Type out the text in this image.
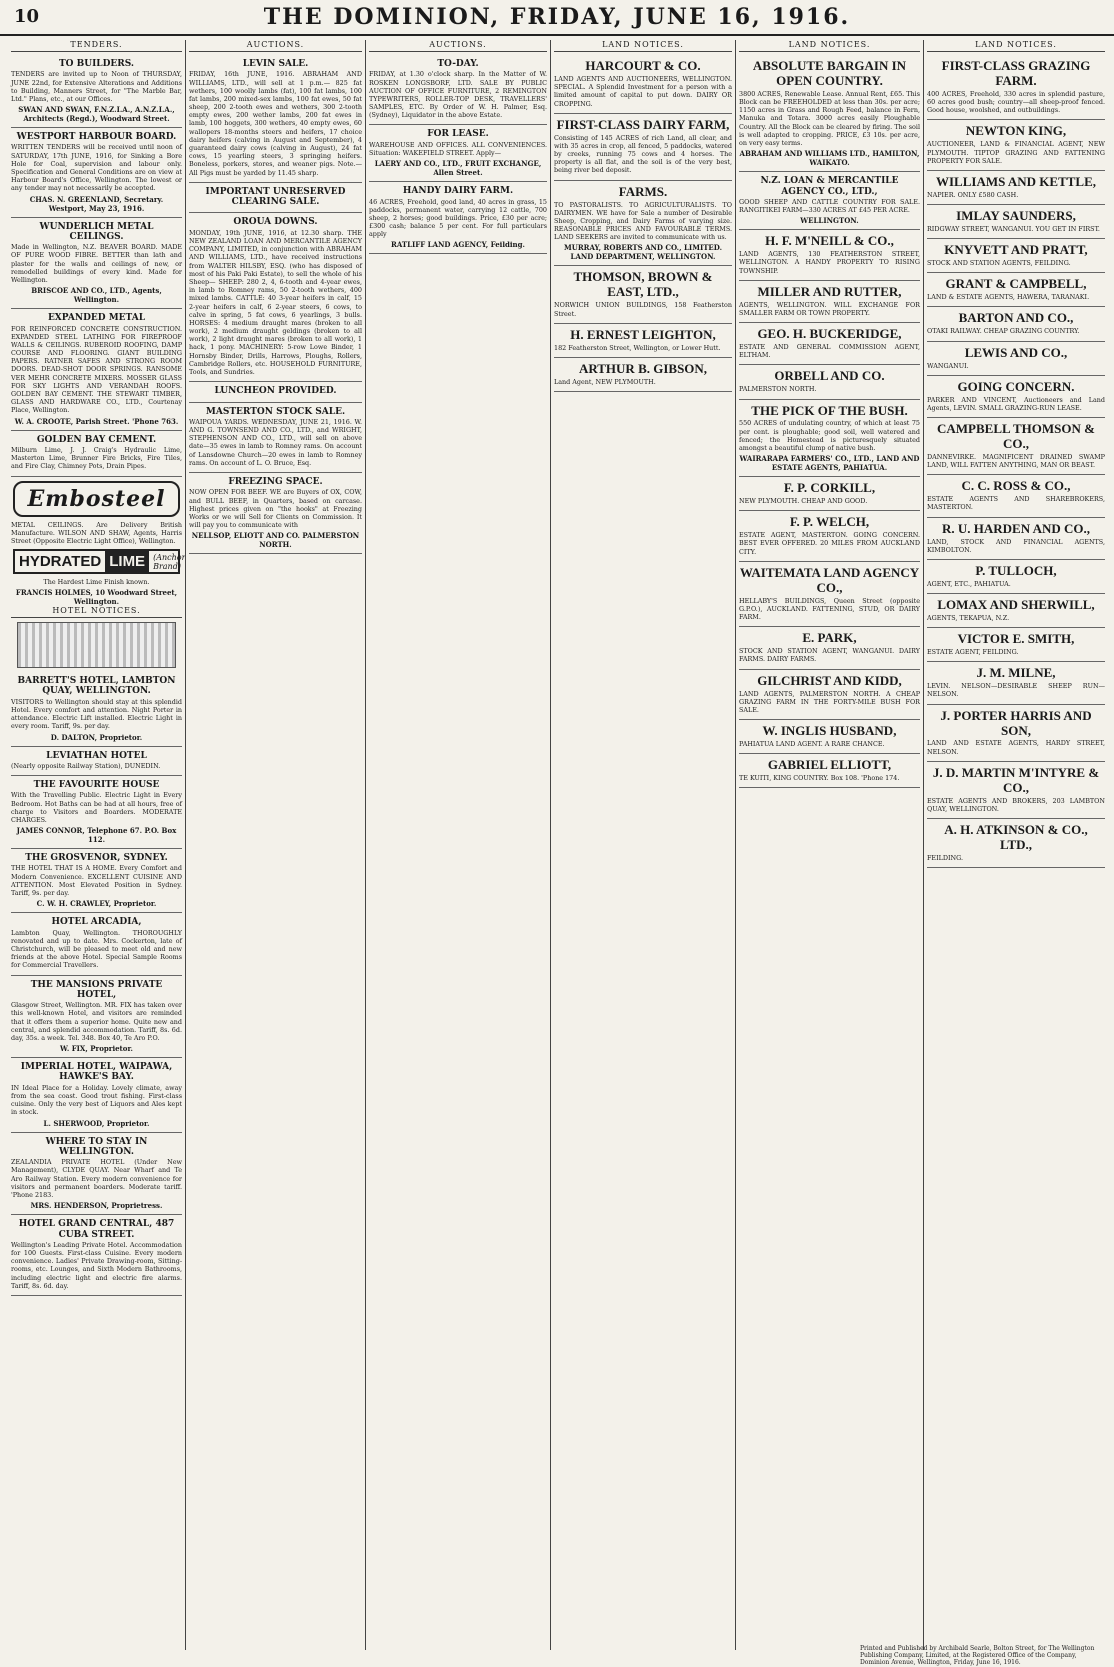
10	THE DOMINION, FRIDAY, JUNE 16, 1916.
TENDERS.
TO BUILDERS.
TENDERS are invited up to Noon of THURSDAY, JUNE 22nd, for Extensive Alterations and Additions to Building, Manners Street, for "The Marble Bar, Ltd." Plans, etc., at our Offices.
SWAN AND SWAN, F.N.Z.I.A., A.N.Z.I.A., Architects (Regd.), Woodward Street.
WESTPORT HARBOUR BOARD.
WRITTEN TENDERS will be received until noon of SATURDAY, 17th JUNE, 1916, for Sinking a Bore Hole for Coal, supervision and labour only. Specification and General Conditions are on view at Harbour Board's Office, Wellington. The lowest or any tender may not necessarily be accepted.
CHAS. N. GREENLAND, Secretary. Westport, May 23, 1916.
WUNDERLICH METAL CEILINGS.
Made in Wellington, N.Z. BEAVER BOARD. MADE OF PURE WOOD FIBRE. BETTER than lath and plaster for the walls and ceilings of new, or remodelled buildings of every kind. Made for Wellington.
BRISCOE AND CO., LTD., Agents, Wellington.
EXPANDED METAL
FOR REINFORCED CONCRETE CONSTRUCTION. EXPANDED STEEL LATHING FOR FIREPROOF WALLS & CEILINGS. RUBEROID ROOFING, DAMP COURSE AND FLOORING. GIANT BUILDING PAPERS. RATNER SAFES AND STRONG ROOM DOORS. DEAD-SHOT DOOR SPRINGS. RANSOME VER MEHR CONCRETE MIXERS. MOSSER GLASS FOR SKY LIGHTS AND VERANDAH ROOFS. GOLDEN BAY CEMENT. THE STEWART TIMBER, GLASS AND HARDWARE CO., LTD., Courtenay Place, Wellington.
W. A. CROOTE, Parish Street. 'Phone 763.
GOLDEN BAY CEMENT.
Milburn Lime, J. J. Craig's Hydraulic Lime, Masterton Lime, Brunner Fire Bricks, Fire Tiles, and Fire Clay, Chimney Pots, Drain Pipes.
Embosteel
METAL CEILINGS. Are Delivery British Manufacture. WILSON AND SHAW, Agents, Harris Street (Opposite Electric Light Office), Wellington.
HYDRATED LIME	(Anchor Brand)
The Hardest Lime Finish known.
FRANCIS HOLMES, 10 Woodward Street, Wellington.
HOTEL NOTICES.
BARRETT'S HOTEL, LAMBTON QUAY, WELLINGTON.
VISITORS to Wellington should stay at this splendid Hotel. Every comfort and attention. Night Porter in attendance. Electric Lift installed. Electric Light in every room. Tariff, 9s. per day.
D. DALTON, Proprietor.
LEVIATHAN HOTEL
(Nearly opposite Railway Station), DUNEDIN.
THE FAVOURITE HOUSE
With the Travelling Public. Electric Light in Every Bedroom. Hot Baths can be had at all hours, free of charge to Visitors and Boarders. MODERATE CHARGES.
JAMES CONNOR, Telephone 67. P.O. Box 112.
THE GROSVENOR, SYDNEY.
THE HOTEL THAT IS A HOME. Every Comfort and Modern Convenience. EXCELLENT CUISINE AND ATTENTION. Most Elevated Position in Sydney. Tariff, 9s. per day.
C. W. H. CRAWLEY, Proprietor.
HOTEL ARCADIA,
Lambton Quay, Wellington. THOROUGHLY renovated and up to date. Mrs. Cockerton, late of Christchurch, will be pleased to meet old and new friends at the above Hotel. Special Sample Rooms for Commercial Travellers.
THE MANSIONS PRIVATE HOTEL,
Glasgow Street, Wellington. MR. FIX has taken over this well-known Hotel, and visitors are reminded that it offers them a superior home. Quite new and central, and splendid accommodation. Tariff, 8s. 6d. day, 35s. a week. Tel. 348. Box 40, Te Aro P.O.
W. FIX, Proprietor.
IMPERIAL HOTEL, WAIPAWA, HAWKE'S BAY.
IN Ideal Place for a Holiday. Lovely climate, away from the sea coast. Good trout fishing. First-class cuisine. Only the very best of Liquors and Ales kept in stock.
L. SHERWOOD, Proprietor.
WHERE TO STAY IN WELLINGTON.
ZEALANDIA PRIVATE HOTEL (Under New Management), CLYDE QUAY. Near Wharf and Te Aro Railway Station. Every modern convenience for visitors and permanent boarders. Moderate tariff. 'Phone 2183.
MRS. HENDERSON, Proprietress.
HOTEL GRAND CENTRAL, 487 CUBA STREET.
Wellington's Leading Private Hotel. Accommodation for 100 Guests. First-class Cuisine. Every modern convenience. Ladies' Private Drawing-room, Sitting-rooms, etc. Lounges, and Sixth Modern Bathrooms, including electric light and electric fire alarms. Tariff, 8s. 6d. day.
AUCTIONS.
LEVIN SALE.
FRIDAY, 16th JUNE, 1916. ABRAHAM AND WILLIAMS, LTD., will sell at 1 p.m.— 825 fat wethers, 100 woolly lambs (fat), 100 fat lambs, 100 fat lambs, 200 mixed-sex lambs, 100 fat ewes, 50 fat sheep, 200 2-tooth ewes and wethers, 300 2-tooth empty ewes, 200 wether lambs, 200 fat ewes in lamb, 100 hoggets, 300 wethers, 40 empty ewes, 60 wallopers 18-months steers and heifers, 17 choice dairy heifers (calving in August and September), 4 guaranteed dairy cows (calving in August), 24 fat cows, 15 yearling steers, 3 springing heifers. Boneless, porkers, stores, and weaner pigs. Note.—All Pigs must be yarded by 11.45 sharp.
IMPORTANT UNRESERVED CLEARING SALE.
OROUA DOWNS.
MONDAY, 19th JUNE, 1916, at 12.30 sharp. THE NEW ZEALAND LOAN AND MERCANTILE AGENCY COMPANY, LIMITED, in conjunction with ABRAHAM AND WILLIAMS, LTD., have received instructions from WALTER HILSBY, ESQ. (who has disposed of most of his Paki Paki Estate), to sell the whole of his Sheep— SHEEP: 280 2, 4, 6-tooth and 4-year ewes, in lamb to Romney rams, 50 2-tooth wethers, 400 mixed lambs. CATTLE: 40 3-year heifers in calf, 15 2-year heifers in calf, 6 2-year steers, 6 cows, to calve in spring, 5 fat cows, 6 yearlings, 3 bulls. HORSES: 4 medium draught mares (broken to all work), 2 medium draught geldings (broken to all work), 2 light draught mares (broken to all work), 1 hack, 1 pony. MACHINERY: 5-row Lowe Binder, 1 Hornsby Binder, Drills, Harrows, Ploughs, Rollers, Cambridge Rollers, etc. HOUSEHOLD FURNITURE, Tools, and Sundries.
LUNCHEON PROVIDED.
MASTERTON STOCK SALE.
WAIPOUA YARDS. WEDNESDAY, JUNE 21, 1916. W. AND G. TOWNSEND AND CO., LTD., and WRIGHT, STEPHENSON AND CO., LTD., will sell on above date—35 ewes in lamb to Romney rams. On account of Lansdowne Church—20 ewes in lamb to Romney rams. On account of L. O. Bruce, Esq.
FREEZING SPACE.
NOW OPEN FOR BEEF. WE are Buyers of OX, COW, and BULL BEEF, in Quarters, based on carcase. Highest prices given on "the hooks" at Freezing Works or we will Sell for Clients on Commission. It will pay you to communicate with
NELLSOP, ELIOTT AND CO. PALMERSTON NORTH.
AUCTIONS.
TO-DAY.
FRIDAY, at 1.30 o'clock sharp. In the Matter of W. ROSKEN LONGSBORF, LTD. SALE BY PUBLIC AUCTION OF OFFICE FURNITURE, 2 REMINGTON TYPEWRITERS, ROLLER-TOP DESK, TRAVELLERS' SAMPLES, ETC. By Order of W. H. Palmer, Esq. (Sydney), Liquidator in the above Estate.
FOR LEASE.
WAREHOUSE AND OFFICES. ALL CONVENIENCES. Situation: WAKEFIELD STREET. Apply—
LAERY AND CO., LTD., FRUIT EXCHANGE, Allen Street.
HANDY DAIRY FARM.
46 ACRES, Freehold, good land, 40 acres in grass, 15 paddocks, permanent water, carrying 12 cattle, 700 sheep, 2 horses; good buildings. Price, £30 per acre; £300 cash; balance 5 per cent. For full particulars apply
RATLIFF LAND AGENCY, Feilding.
LAND NOTICES.
HARCOURT & CO.
LAND AGENTS AND AUCTIONEERS, WELLINGTON. SPECIAL. A Splendid Investment for a person with a limited amount of capital to put down. DAIRY OR CROPPING.
FIRST-CLASS DAIRY FARM,
Consisting of 145 ACRES of rich Land, all clear, and with 35 acres in crop, all fenced, 5 paddocks, watered by creeks, running 75 cows and 4 horses. The property is all flat, and the soil is of the very best, being river bed deposit.
FARMS.
TO PASTORALISTS. TO AGRICULTURALISTS. TO DAIRYMEN. WE have for Sale a number of Desirable Sheep, Cropping, and Dairy Farms of varying size. REASONABLE PRICES AND FAVOURABLE TERMS. LAND SEEKERS are invited to communicate with us.
MURRAY, ROBERTS AND CO., LIMITED. LAND DEPARTMENT, WELLINGTON.
THOMSON, BROWN & EAST, LTD.,
NORWICH UNION BUILDINGS, 158 Featherston Street.
H. ERNEST LEIGHTON,
182 Featherston Street, Wellington, or Lower Hutt.
ARTHUR B. GIBSON,
Land Agent, NEW PLYMOUTH.
LAND NOTICES.
ABSOLUTE BARGAIN IN OPEN COUNTRY.
3800 ACRES, Renewable Lease. Annual Rent, £65. This Block can be FREEHOLDED at less than 30s. per acre; 1150 acres in Grass and Rough Feed, balance in Fern, Manuka and Totara. 3000 acres easily Ploughable Country. All the Block can be cleared by firing. The soil is well adapted to cropping. PRICE, £3 10s. per acre, on very easy terms.
ABRAHAM AND WILLIAMS LTD., HAMILTON, WAIKATO.
N.Z. LOAN & MERCANTILE AGENCY CO., LTD.,
GOOD SHEEP AND CATTLE COUNTRY FOR SALE. RANGITIKEI FARM—330 ACRES AT £45 PER ACRE.
WELLINGTON.
H. F. M'NEILL & CO.,
LAND AGENTS, 130 FEATHERSTON STREET, WELLINGTON. A HANDY PROPERTY TO RISING TOWNSHIP.
MILLER AND RUTTER,
AGENTS, WELLINGTON. WILL EXCHANGE FOR SMALLER FARM OR TOWN PROPERTY.
GEO. H. BUCKERIDGE,
ESTATE AND GENERAL COMMISSION AGENT, ELTHAM.
ORBELL AND CO.
PALMERSTON NORTH.
THE PICK OF THE BUSH.
550 ACRES of undulating country, of which at least 75 per cent. is ploughable; good soil, well watered and fenced; the Homestead is picturesquely situated amongst a beautiful clump of native bush.
WAIRARAPA FARMERS' CO., LTD., LAND AND ESTATE AGENTS, PAHIATUA.
F. P. CORKILL,
NEW PLYMOUTH. CHEAP AND GOOD.
F. P. WELCH,
ESTATE AGENT, MASTERTON. GOING CONCERN. BEST EVER OFFERED. 20 MILES FROM AUCKLAND CITY.
WAITEMATA LAND AGENCY CO.,
HELLABY'S BUILDINGS, Queen Street (opposite G.P.O.), AUCKLAND. FATTENING, STUD, OR DAIRY FARM.
E. PARK,
STOCK AND STATION AGENT, WANGANUI. DAIRY FARMS. DAIRY FARMS.
GILCHRIST AND KIDD,
LAND AGENTS, PALMERSTON NORTH. A CHEAP GRAZING FARM IN THE FORTY-MILE BUSH FOR SALE.
W. INGLIS HUSBAND,
PAHIATUA LAND AGENT. A RARE CHANCE.
GABRIEL ELLIOTT,
TE KUITI, KING COUNTRY. Box 108. 'Phone 174.
LAND NOTICES.
FIRST-CLASS GRAZING FARM.
400 ACRES, Freehold, 330 acres in splendid pasture, 60 acres good bush; country—all sheep-proof fenced. Good house, woolshed, and outbuildings.
NEWTON KING,
AUCTIONEER, LAND & FINANCIAL AGENT, NEW PLYMOUTH. TIPTOP GRAZING AND FATTENING PROPERTY FOR SALE.
WILLIAMS AND KETTLE,
NAPIER. ONLY £580 CASH.
IMLAY SAUNDERS,
RIDGWAY STREET, WANGANUI. YOU GET IN FIRST.
KNYVETT AND PRATT,
STOCK AND STATION AGENTS, FEILDING.
GRANT & CAMPBELL,
LAND & ESTATE AGENTS, HAWERA, TARANAKI.
BARTON AND CO.,
OTAKI RAILWAY. CHEAP GRAZING COUNTRY.
LEWIS AND CO.,
WANGANUI.
GOING CONCERN.
PARKER AND VINCENT, Auctioneers and Land Agents, LEVIN. SMALL GRAZING-RUN LEASE.
CAMPBELL THOMSON & CO.,
DANNEVIRKE. MAGNIFICENT DRAINED SWAMP LAND, WILL FATTEN ANYTHING, MAN OR BEAST.
C. C. ROSS & CO.,
ESTATE AGENTS AND SHAREBROKERS, MASTERTON.
R. U. HARDEN AND CO.,
LAND, STOCK AND FINANCIAL AGENTS, KIMBOLTON.
P. TULLOCH,
AGENT, ETC., PAHIATUA.
LOMAX AND SHERWILL,
AGENTS, TEKAPUA, N.Z.
VICTOR E. SMITH,
ESTATE AGENT, FEILDING.
J. M. MILNE,
LEVIN. NELSON—DESIRABLE SHEEP RUN—NELSON.
J. PORTER HARRIS AND SON,
LAND AND ESTATE AGENTS, HARDY STREET, NELSON.
J. D. MARTIN M'INTYRE & CO.,
ESTATE AGENTS AND BROKERS, 203 LAMBTON QUAY, WELLINGTON.
A. H. ATKINSON & CO., LTD.,
FEILDING.
Printed and Published by Archibald Searle, Bolton Street, for The Wellington Publishing Company, Limited, at the Registered Office of the Company, Dominion Avenue, Wellington, Friday, June 16, 1916.
